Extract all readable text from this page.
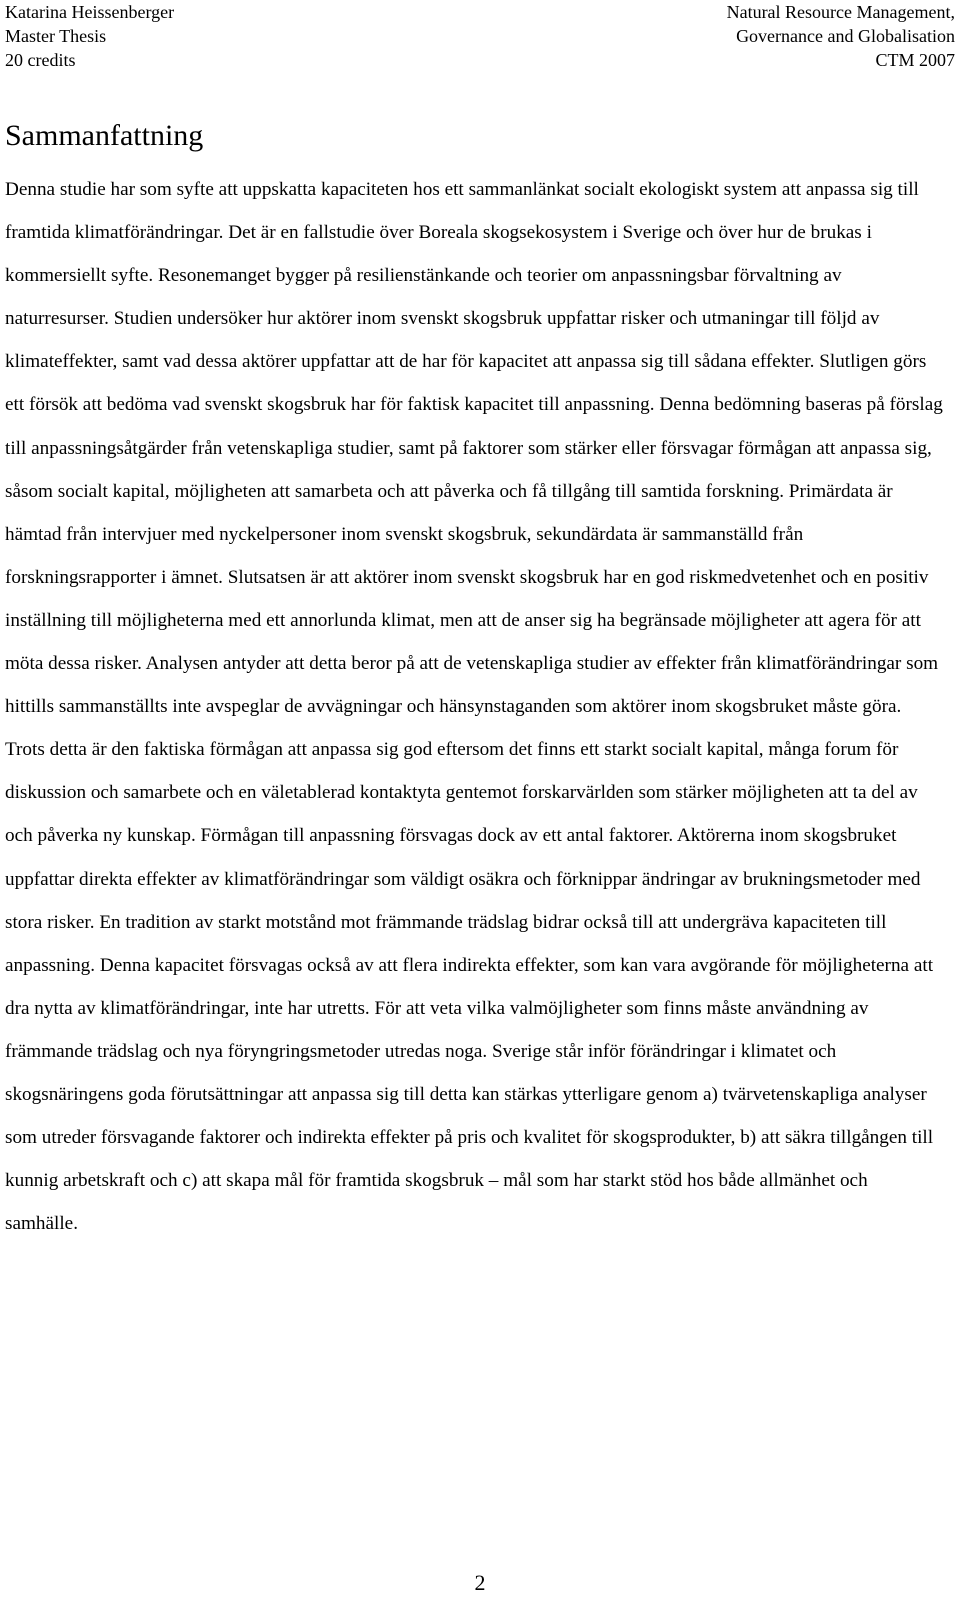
Katarina Heissenberger
Master Thesis
20 credits
Natural Resource Management,
Governance and Globalisation
CTM 2007
Sammanfattning

Denna studie har som syfte att uppskatta kapaciteten hos ett sammanlänkat socialt ekologiskt system att anpassa sig till framtida klimatförändringar. Det är en fallstudie över Boreala skogsekosystem i Sverige och över hur de brukas i kommersiellt syfte. Resonemanget bygger på resilienstänkande och teorier om anpassningsbar förvaltning av naturresurser. Studien undersöker hur aktörer inom svenskt skogsbruk uppfattar risker och utmaningar till följd av klimateffekter, samt vad dessa aktörer uppfattar att de har för kapacitet att anpassa sig till sådana effekter. Slutligen görs ett försök att bedöma vad svenskt skogsbruk har för faktisk kapacitet till anpassning. Denna bedömning baseras på förslag till anpassningsåtgärder från vetenskapliga studier, samt på faktorer som stärker eller försvagar förmågan att anpassa sig, såsom socialt kapital, möjligheten att samarbeta och att påverka och få tillgång till samtida forskning. Primärdata är hämtad från intervjuer med nyckelpersoner inom svenskt skogsbruk, sekundärdata är sammanställd från forskningsrapporter i ämnet. Slutsatsen är att aktörer inom svenskt skogsbruk har en god riskmedvetenhet och en positiv inställning till möjligheterna med ett annorlunda klimat, men att de anser sig ha begränsade möjligheter att agera för att möta dessa risker. Analysen antyder att detta beror på att de vetenskapliga studier av effekter från klimatförändringar som hittills sammanställts inte avspeglar de avvägningar och hänsynstaganden som aktörer inom skogsbruket måste göra. Trots detta är den faktiska förmågan att anpassa sig god eftersom det finns ett starkt socialt kapital, många forum för diskussion och samarbete och en väletablerad kontaktyta gentemot forskarvärlden som stärker möjligheten att ta del av och påverka ny kunskap. Förmågan till anpassning försvagas dock av ett antal faktorer. Aktörerna inom skogsbruket uppfattar direkta effekter av klimatförändringar som väldigt osäkra och förknippar ändringar av brukningsmetoder med stora risker. En tradition av starkt motstånd mot främmande trädslag bidrar också till att undergräva kapaciteten till anpassning. Denna kapacitet försvagas också av att flera indirekta effekter, som kan vara avgörande för möjligheterna att dra nytta av klimatförändringar, inte har utretts. För att veta vilka valmöjligheter som finns måste användning av främmande trädslag och nya föryngringsmetoder utredas noga. Sverige står inför förändringar i klimatet och skogsnäringens goda förutsättningar att anpassa sig till detta kan stärkas ytterligare genom a) tvärvetenskapliga analyser som utreder försvagande faktorer och indirekta effekter på pris och kvalitet för skogsprodukter, b) att säkra tillgången till kunnig arbetskraft och c) att skapa mål för framtida skogsbruk – mål som har starkt stöd hos både allmänhet och samhälle.

2
